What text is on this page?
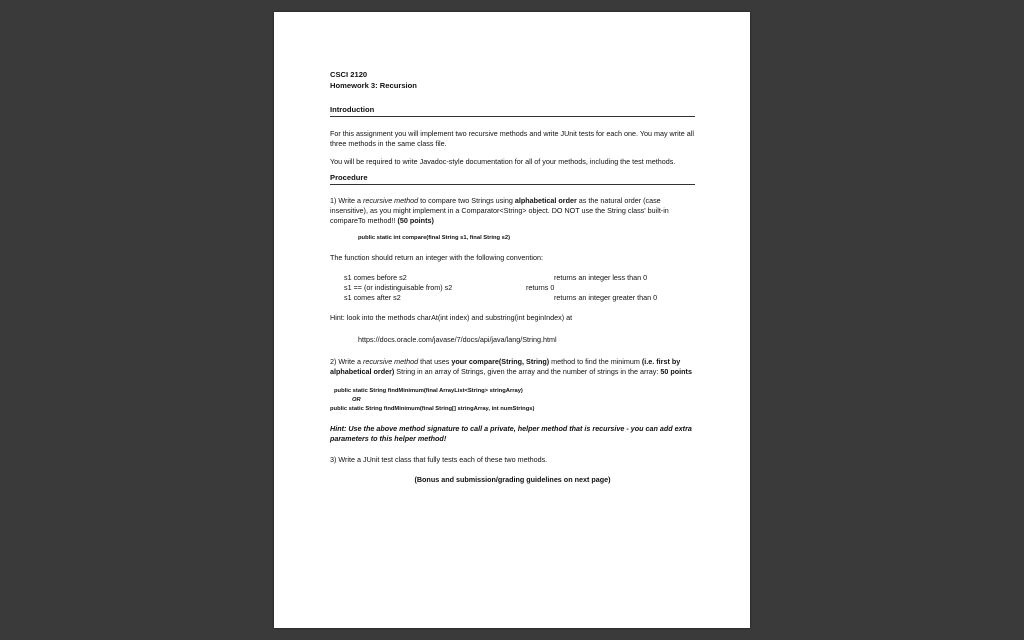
CSCI 2120

Homework 3: Recursion

Introduction

For this assignment you will implement two recursive methods and write JUnit tests for each one. You may write all three methods in the same class file.

You will be required to write Javadoc-style documentation for all of your methods, including the test methods.

Procedure

1) Write a recursive method to compare two Strings using alphabetical order as the natural order (case insensitive), as you might implement in a Comparator<String> object. DO NOT use the String class' built-in compareTo method!! (50 points)

public static int compare(final String s1, final String s2)

The function should return an integer with the following convention:

s1 comes before s2	returns an integer less than 0
s1 == (or indistinguisable from) s2	returns 0
s1 comes after s2	returns an integer greater than 0

Hint: look into the methods charAt(int index) and substring(int beginIndex) at

https://docs.oracle.com/javase/7/docs/api/java/lang/String.html

2) Write a recursive method that uses your compare(String, String) method to find the minimum (i.e. first by alphabetical order) String in an array of Strings, given the array and the number of strings in the array: 50 points

public static String findMinimum(final ArrayList<String> stringArray)

OR

public static String findMinimum(final String[] stringArray, int numStrings)

Hint: Use the above method signature to call a private, helper method that is recursive - you can add extra parameters to this helper method!

3) Write a JUnit test class that fully tests each of these two methods.

(Bonus and submission/grading guidelines on next page)
